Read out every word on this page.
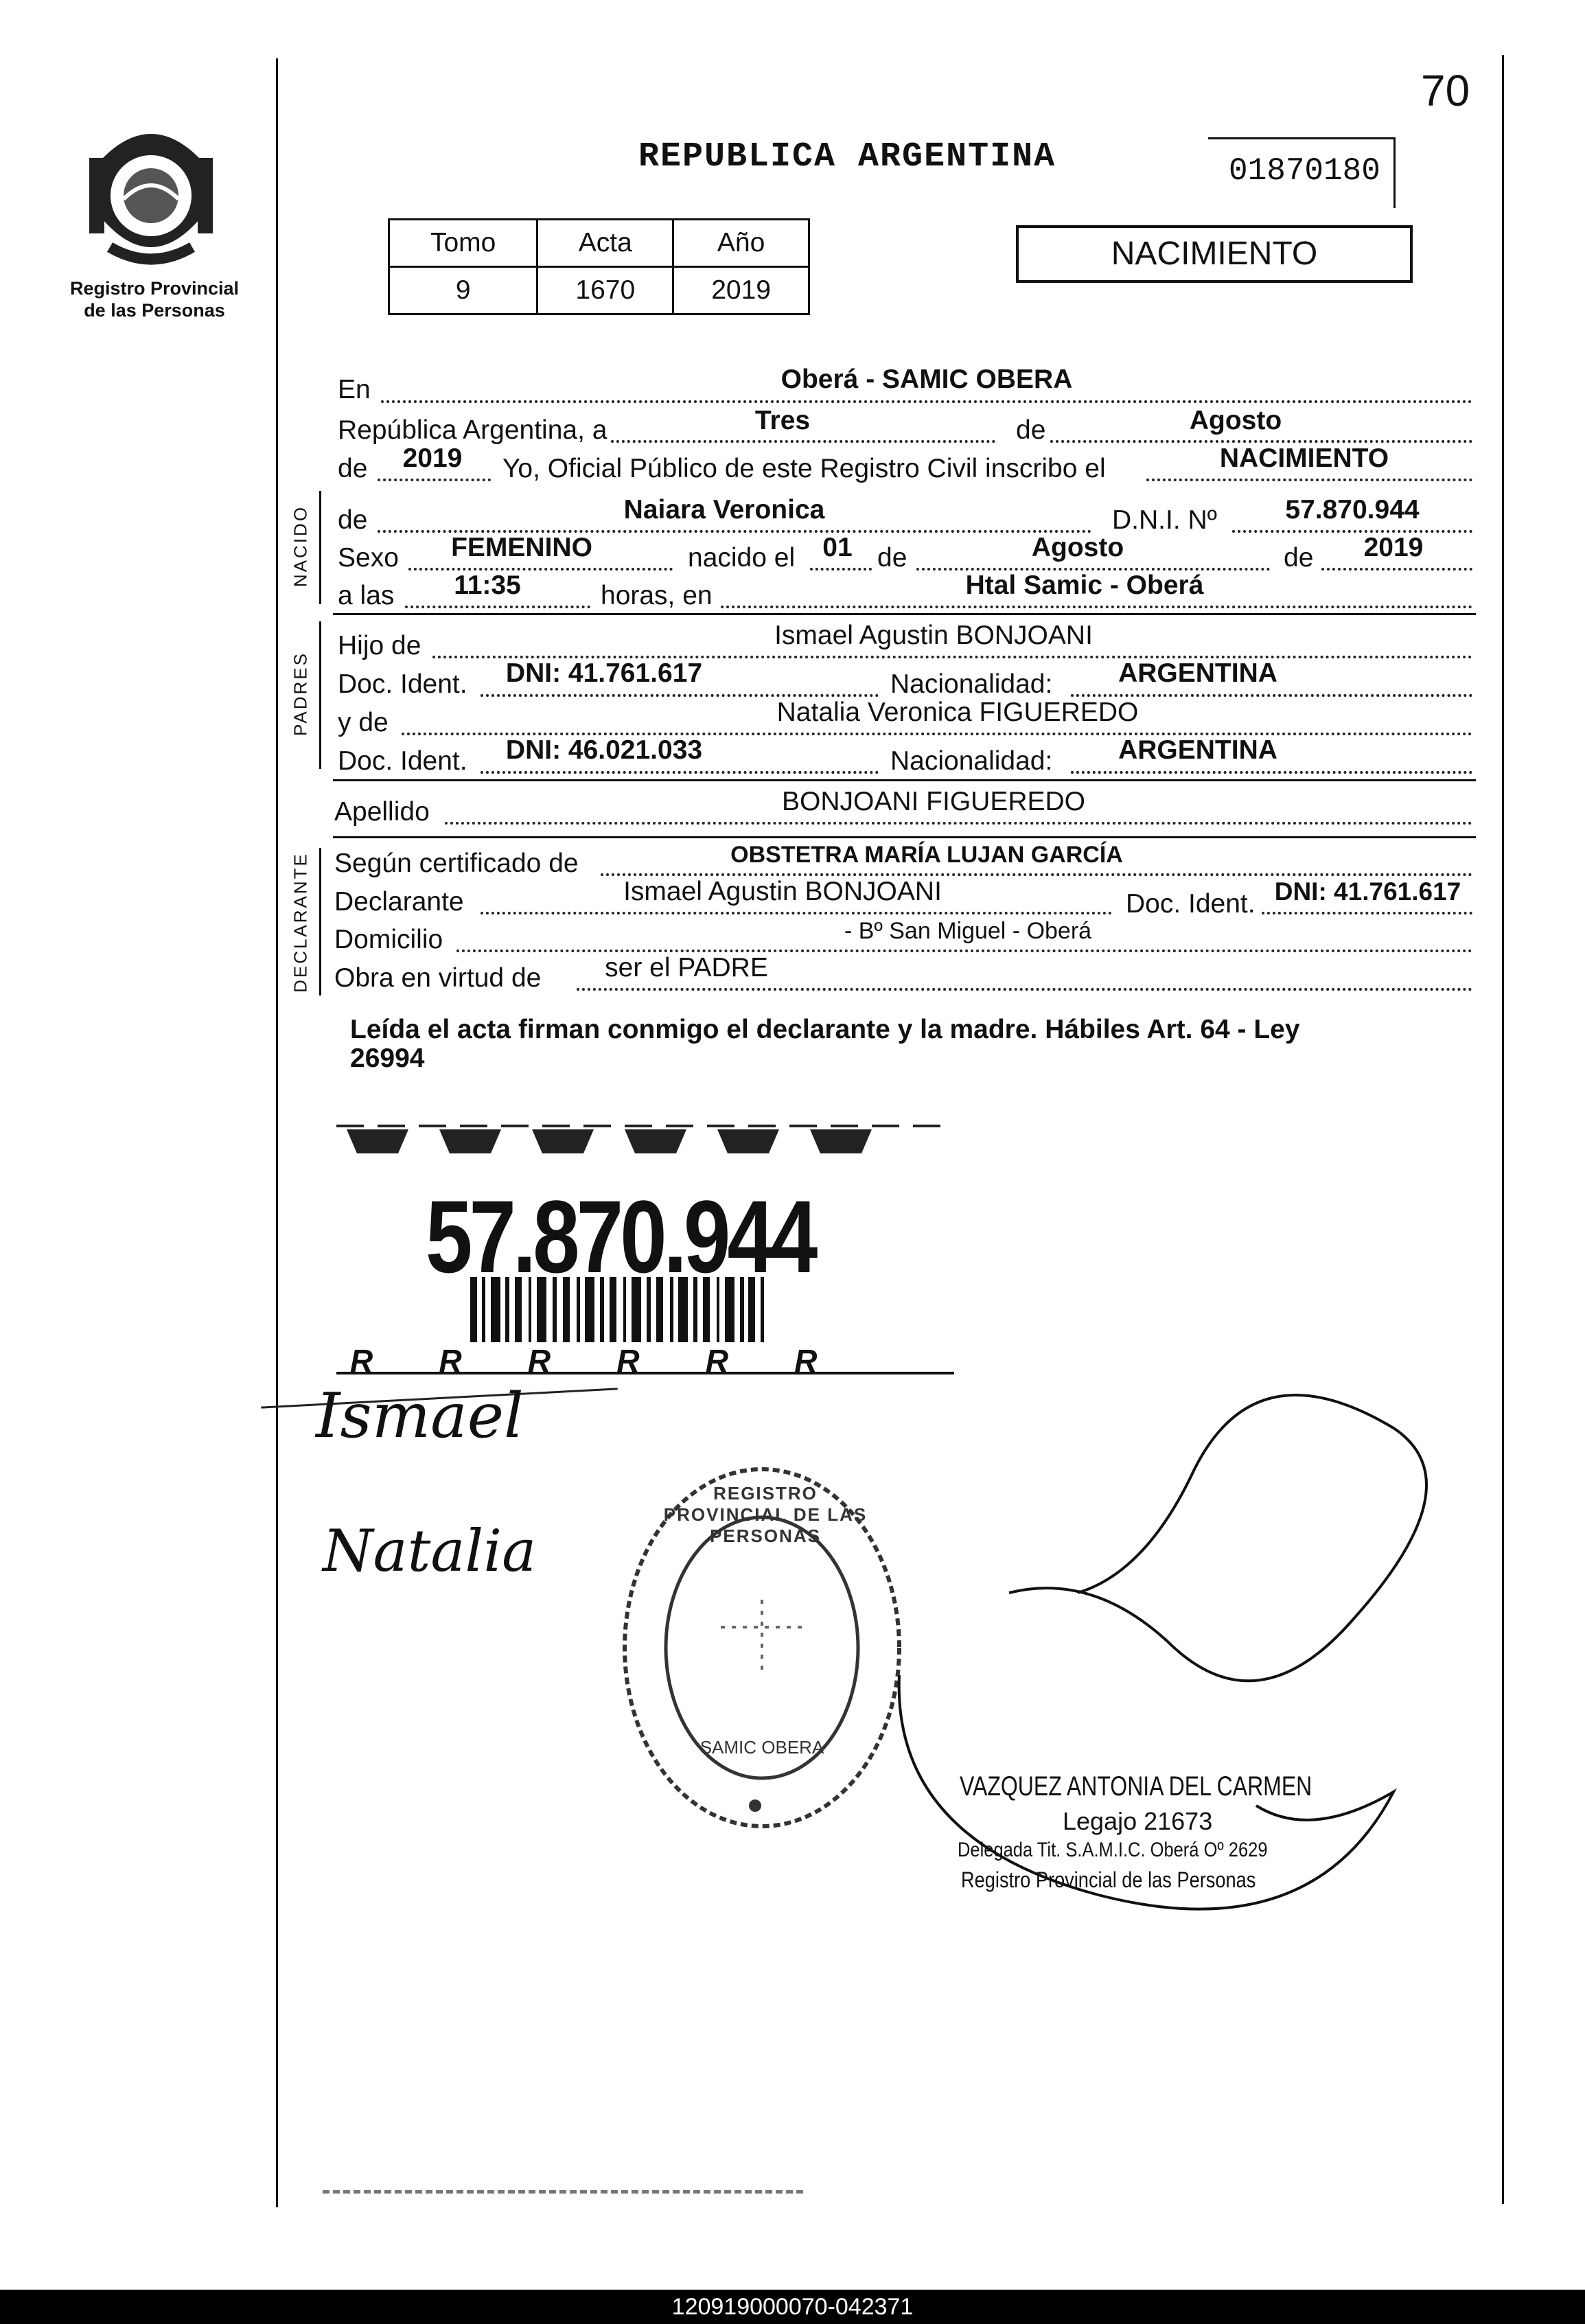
70
Registro Provincial
de las Personas
REPUBLICA ARGENTINA	01870180
Tomo	Acta	Año
9	1670	2019
NACIMIENTO
En	Oberá - SAMIC OBERA
República Argentina, a	Tres	de	Agosto
de	2019	Yo, Oficial Público de este Registro Civil inscribo el	NACIMIENTO
NACIDO de	Naiara Veronica	D.N.I. Nº	57.870.944
Sexo	FEMENINO	nacido el	01 de	Agosto	de	2019
a las	11:35	horas, en	Htal Samic - Oberá
PADRES
Hijo de	Ismael Agustin BONJOANI
Doc. Ident.	DNI: 41.761.617	Nacionalidad:	ARGENTINA
y de	Natalia Veronica FIGUEREDO
Doc. Ident.	DNI: 46.021.033	Nacionalidad:	ARGENTINA
Apellido	BONJOANI FIGUEREDO
DECLARANTE Según certificado de	OBSTETRA MARÍA LUJAN GARCÍA
Declarante	Ismael Agustin BONJOANI	Doc. Ident. DNI: 41.761.617
Domicilio	- Bº San Miguel - Oberá
Obra en virtud de	ser el PADRE
Leída el acta firman conmigo el declarante y la madre. Hábiles Art. 64 - Ley
26994
57.870.944
R R R R R R
Ismael
Natalia
REGISTRO PROVINCIAL DE LAS PERSONAS
SAMIC OBERA
VAZQUEZ ANTONIA DEL CARMEN
Legajo 21673
Delegada Tit. S.A.M.I.C. Oberá Oº 2629
Registro Provincial de las Personas
120919000070-042371
